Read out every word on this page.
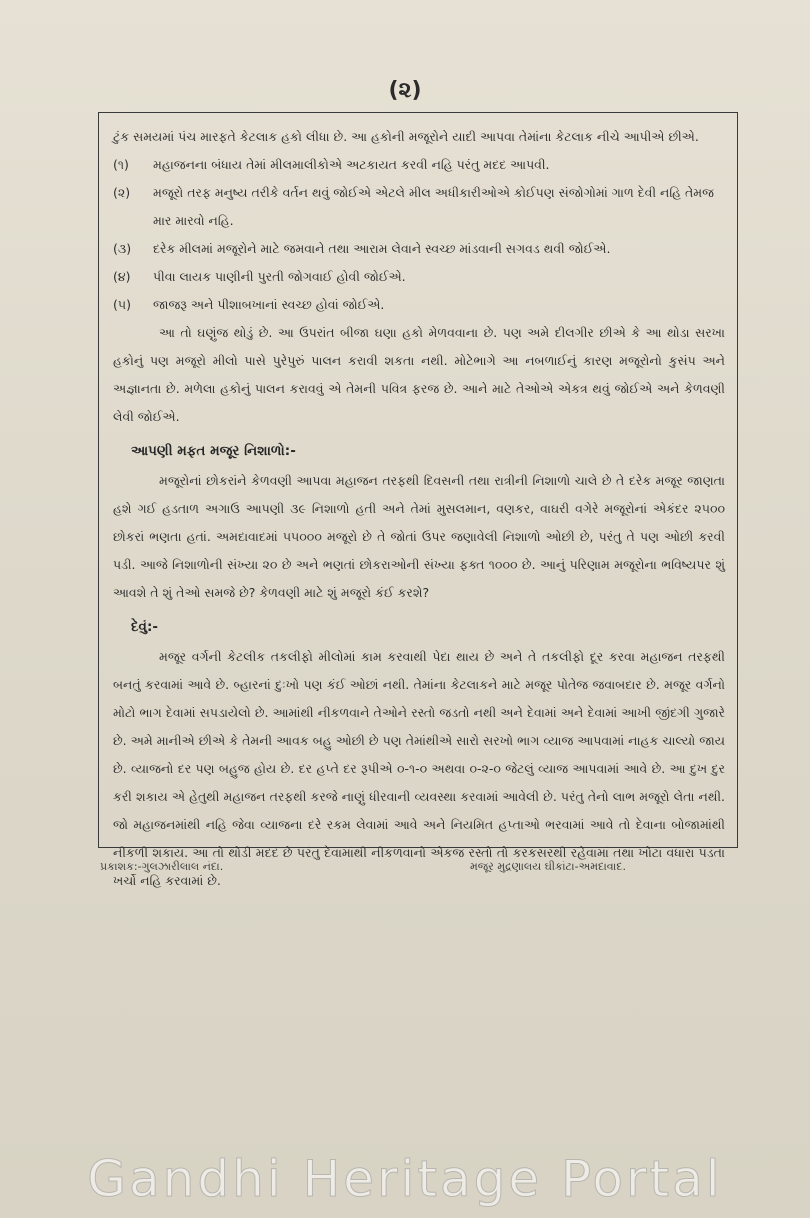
(૨)

ટુંક સમયમાં પંચ મારફતે કેટલાક હકો લીધા છે. આ હકોની મજૂરોને યાદી આપવા તેમાંના કેટલાક નીચે આપીએ છીએ.

(૧)	મહાજનના બંધાય તેમાં મીલમાલીકોએ અટકાયત કરવી નહિ પરંતુ મદદ આપવી.
(૨)	મજૂરો તરફ મનુષ્ય તરીકે વર્તન થવું જોઈએ એટલે મીલ અધીકારીઓએ કોઈપણ સંજોગોમાં ગાળ દેવી નહિ તેમજ માર મારવો નહિ.
(૩)	દરેક મીલમાં મજૂરોને માટે જમવાને તથા આરામ લેવાને સ્વચ્છ માંડવાની સગવડ થવી જોઈએ.
(૪)	પીવા લાયક પાણીની પુરતી જોગવાઈ હોવી જોઈએ.
(૫)	જાજરૂ અને પીશાબખાનાં સ્વચ્છ હોવાં જોઈએ.

આ તો ઘણુંજ થોડું છે. આ ઉપરાંત બીજા ઘણા હકો મેળવવાના છે. પણ અમે દીલગીર છીએ કે આ થોડા સરખા હકોનું પણ મજૂરો મીલો પાસે પુરેપુરું પાલન કરાવી શકતા નથી. મોટેભાગે આ નબળાઈનું કારણ મજૂરોનો કુસંપ અને અજ્ઞાનતા છે. મળેલા હકોનું પાલન કરાવવું એ તેમની પવિત્ર ફરજ છે. આને માટે તેઓએ એકત્ર થવું જોઈએ અને કેળવણી લેવી જોઈએ.

આપણી મફત મજૂર નિશાળો:-

મજૂરોનાં છોકરાંને કેળવણી આપવા મહાજન તરફથી દિવસની તથા રાત્રીની નિશાળો ચાલે છે તે દરેક મજૂર જાણતા હશે ગઈ હડતાળ અગાઉ આપણી ૩૯ નિશાળો હતી અને તેમાં મુસલમાન, વણકર, વાઘરી વગેરે મજૂરોનાં એકંદર ૨૫૦૦ છોકરાં ભણતા હતાં. અમદાવાદમાં ૫૫૦૦૦ મજૂરો છે તે જોતાં ઉપર જણાવેલી નિશાળો ઓછી છે, પરંતુ તે પણ ઓછી કરવી પડી. આજે નિશાળોની સંખ્યા ૨૦ છે અને ભણતાં છોકરાઓની સંખ્યા ફક્ત ૧૦૦૦ છે. આનું પરિણામ મજૂરોના ભવિષ્યપર શું આવશે તે શું તેઓ સમજે છે? કેળવણી માટે શું મજૂરો કંઈ કરશે?

દેવું:-

મજૂર વર્ગની કેટલીક તકલીફો મીલોમાં કામ કરવાથી પેદા થાય છે અને તે તકલીફો દૂર કરવા મહાજન તરફથી બનતું કરવામાં આવે છે. બ્હારનાં દુઃખો પણ કંઈ ઓછાં નથી. તેમાંના કેટલાકને માટે મજૂર પોતેજ જવાબદાર છે. મજૂર વર્ગનો મોટો ભાગ દેવામાં સપડાયેલો છે. આમાંથી નીકળવાને તેઓને રસ્તો જડતો નથી અને દેવામાં અને દેવામાં આખી જીંદગી ગુજારે છે. અમે માનીએ છીએ કે તેમની આવક બહુ ઓછી છે પણ તેમાંથીએ સારો સરખો ભાગ વ્યાજ આપવામાં નાહક ચાલ્યો જાય છે. વ્યાજનો દર પણ બહુજ હોય છે. દર હપ્તે દર રૂપીએ ૦-૧-૦ અથવા ૦-૨-૦ જેટલું વ્યાજ આપવામાં આવે છે. આ દુખ દુર કરી શકાય એ હેતુથી મહાજન તરફથી કરજે નાણું ધીરવાની વ્યવસ્થા કરવામાં આવેલી છે. પરંતુ તેનો લાભ મજૂરો લેતા નથી. જો મહાજનમાંથી નહિ જેવા વ્યાજના દરે રકમ લેવામાં આવે અને નિયમિત હપ્તાઓ ભરવામાં આવે તો દેવાના બોજામાંથી નીકળી શકાય. આ તો થોડી મદદ છે પરંતુ દેવામાંથી નીકળવાનો એકજ રસ્તો તો કરકસરથી રહેવામાં તથા ખોટા વધારા પડતા ખર્ચો નહિ કરવામાં છે.

પ્રકાશક:-ગુલઝારીલાલ નંદા.	મજૂર મુદ્રણાલય ઘીકાંટા-અમદાવાદ.
Gandhi Heritage Portal
